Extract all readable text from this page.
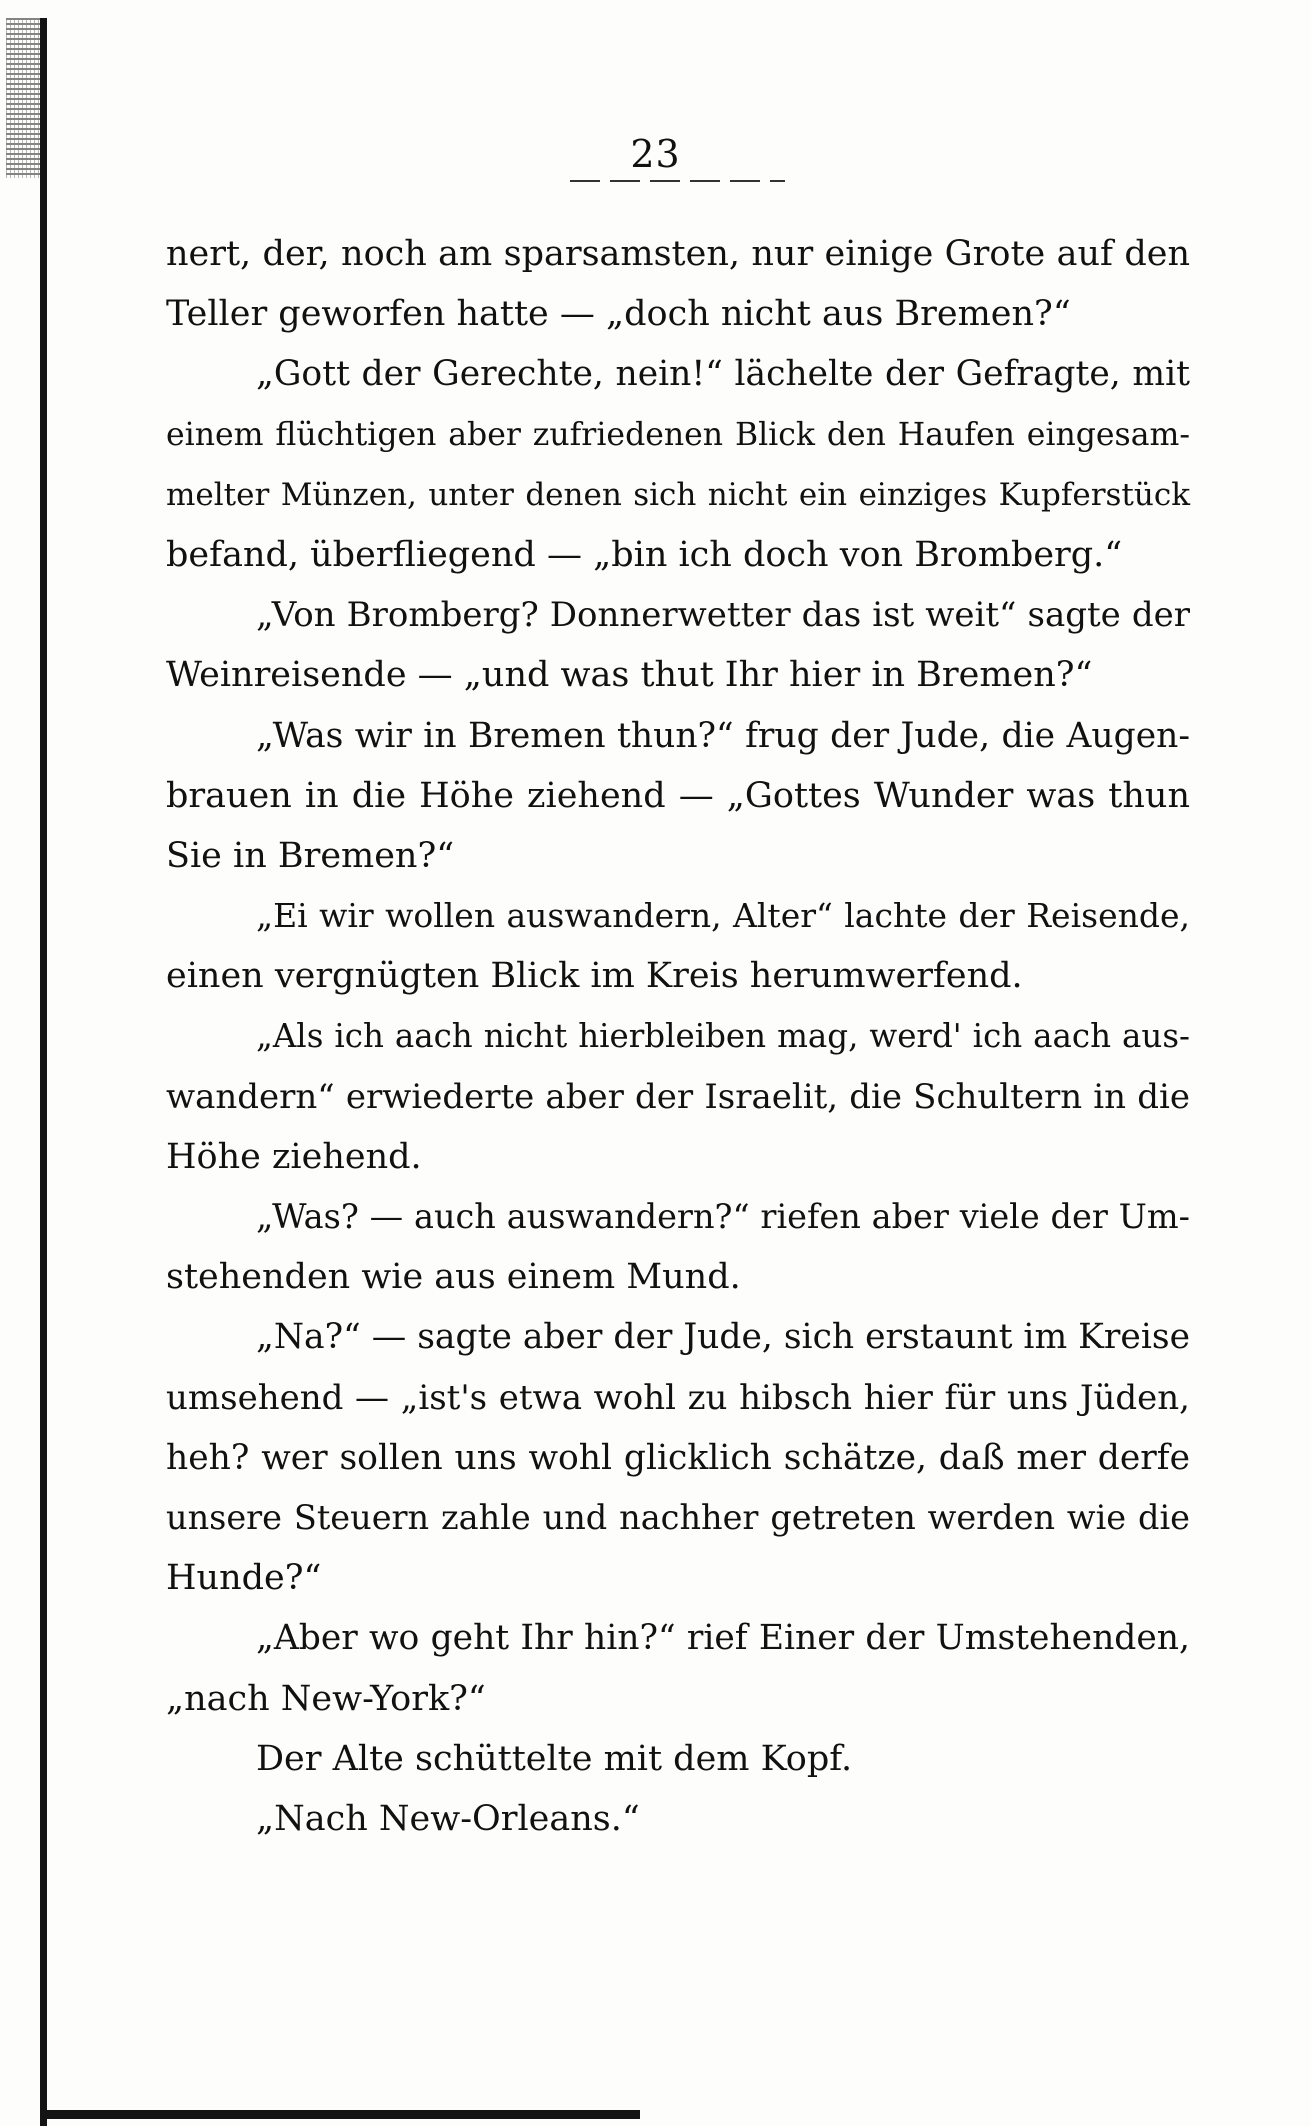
23
nert, der, noch am sparsamsten, nur einige Grote auf den
Teller geworfen hatte — „doch nicht aus Bremen?“
„Gott der Gerechte, nein!“ lächelte der Gefragte, mit
einem flüchtigen aber zufriedenen Blick den Haufen eingesam-
melter Münzen, unter denen sich nicht ein einziges Kupferstück
befand, überfliegend — „bin ich doch von Bromberg.“
„Von Bromberg? Donnerwetter das ist weit“ sagte der
Weinreisende — „und was thut Ihr hier in Bremen?“
„Was wir in Bremen thun?“ frug der Jude, die Augen-
brauen in die Höhe ziehend — „Gottes Wunder was thun
Sie in Bremen?“
„Ei wir wollen auswandern, Alter“ lachte der Reisende,
einen vergnügten Blick im Kreis herumwerfend.
„Als ich aach nicht hierbleiben mag, werd' ich aach aus-
wandern“ erwiederte aber der Israelit, die Schultern in die
Höhe ziehend.
„Was? — auch auswandern?“ riefen aber viele der Um-
stehenden wie aus einem Mund.
„Na?“ — sagte aber der Jude, sich erstaunt im Kreise
umsehend — „ist's etwa wohl zu hibsch hier für uns Jüden,
heh? wer sollen uns wohl glicklich schätze, daß mer derfe
unsere Steuern zahle und nachher getreten werden wie die
Hunde?“
„Aber wo geht Ihr hin?“ rief Einer der Umstehenden,
„nach New-York?“
Der Alte schüttelte mit dem Kopf.
„Nach New-Orleans.“
